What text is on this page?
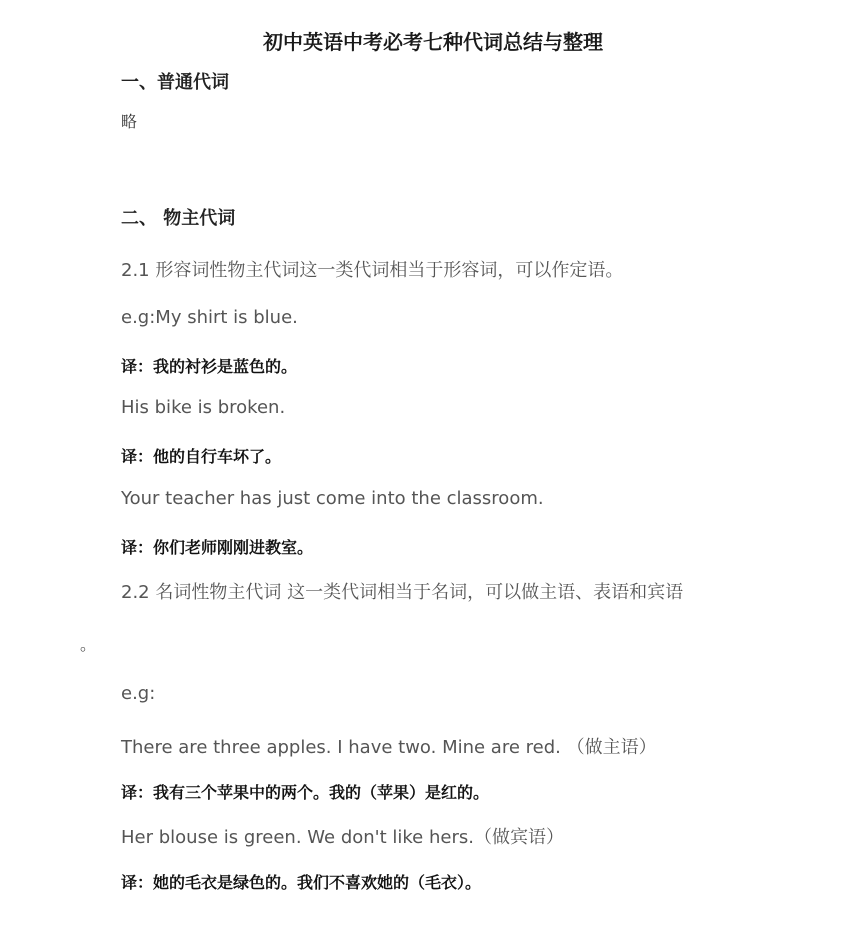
初中英语中考必考七种代词总结与整理
一、普通代词
略
二、 物主代词
2.1 形容词性物主代词这一类代词相当于形容词，可以作定语。
e.g:My shirt is blue.
译：我的衬衫是蓝色的。
His bike is broken.
译：他的自行车坏了。
Your teacher has just come into the classroom.
译：你们老师刚刚进教室。
2.2 名词性物主代词 这一类代词相当于名词，可以做主语、表语和宾语
。
e.g:
There are three apples. I have two. Mine are red. （做主语）
译：我有三个苹果中的两个。我的（苹果）是红的。
Her blouse is green. We don't like hers.（做宾语）
译：她的毛衣是绿色的。我们不喜欢她的（毛衣）。
